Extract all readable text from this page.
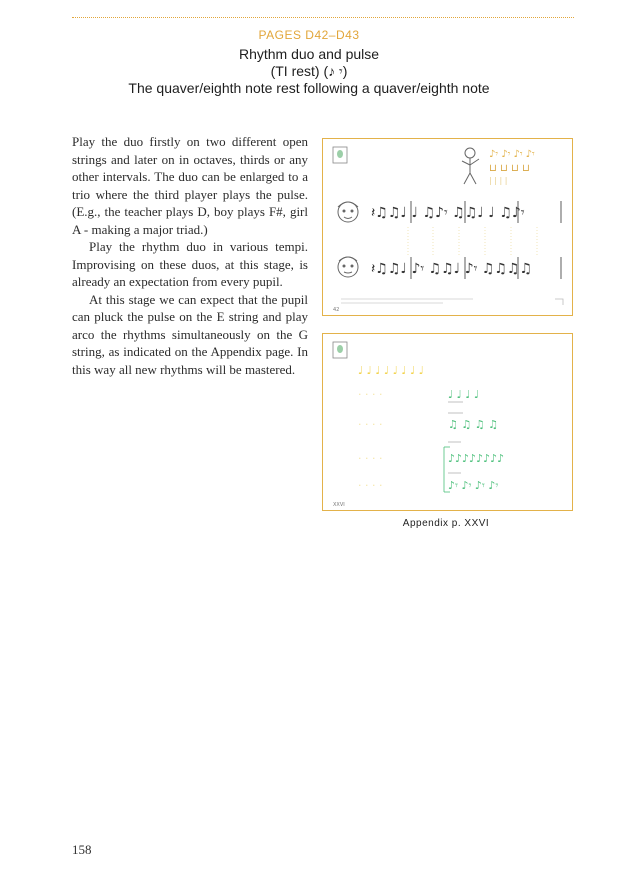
PAGES D42–D43
Rhythm duo and pulse
(TI rest) (♪ 𝄾)
The quaver/eighth note rest following a quaver/eighth note

Play the duo firstly on two different open strings and later on in octaves, thirds or any other intervals. The duo can be enlarged to a trio where the third player plays the pulse. (E.g., the teacher plays D, boy plays F#, girl A - making a major triad.)

Play the rhythm duo in various tempi. Improvising on these duos, at this stage, is already an expectation from every pupil.

At this stage we can expect that the pupil can pluck the pulse on the E string and play arco the rhythms simultaneously on the G string, as indicated on the Appendix page. In this way all new rhythms will be mastered.

♪𝄾 ♪𝄾 ♪𝄾 ♪𝄾
⊔ ⊔ ⊔ ⊔
| | | |
𝄽♫♫♩ ♩ ♫♪𝄾 ♫♫♩ ♩ ♫♪𝄾
𝄽♫♫♩ ♪𝄾 ♫♫♩ ♪𝄾 ♫♫♫♫
42
♩ ♩ ♩ ♩ ♩ ♩ ♩ ♩
· · · ·	♩ ♩ ♩ ♩
· · · ·	♫ ♫ ♫ ♫
· · · ·	♪♪♪♪♪♪♪♪
· · · ·	♪𝄾 ♪𝄾 ♪𝄾 ♪𝄾
XXVI
Appendix p. XXVI
158
